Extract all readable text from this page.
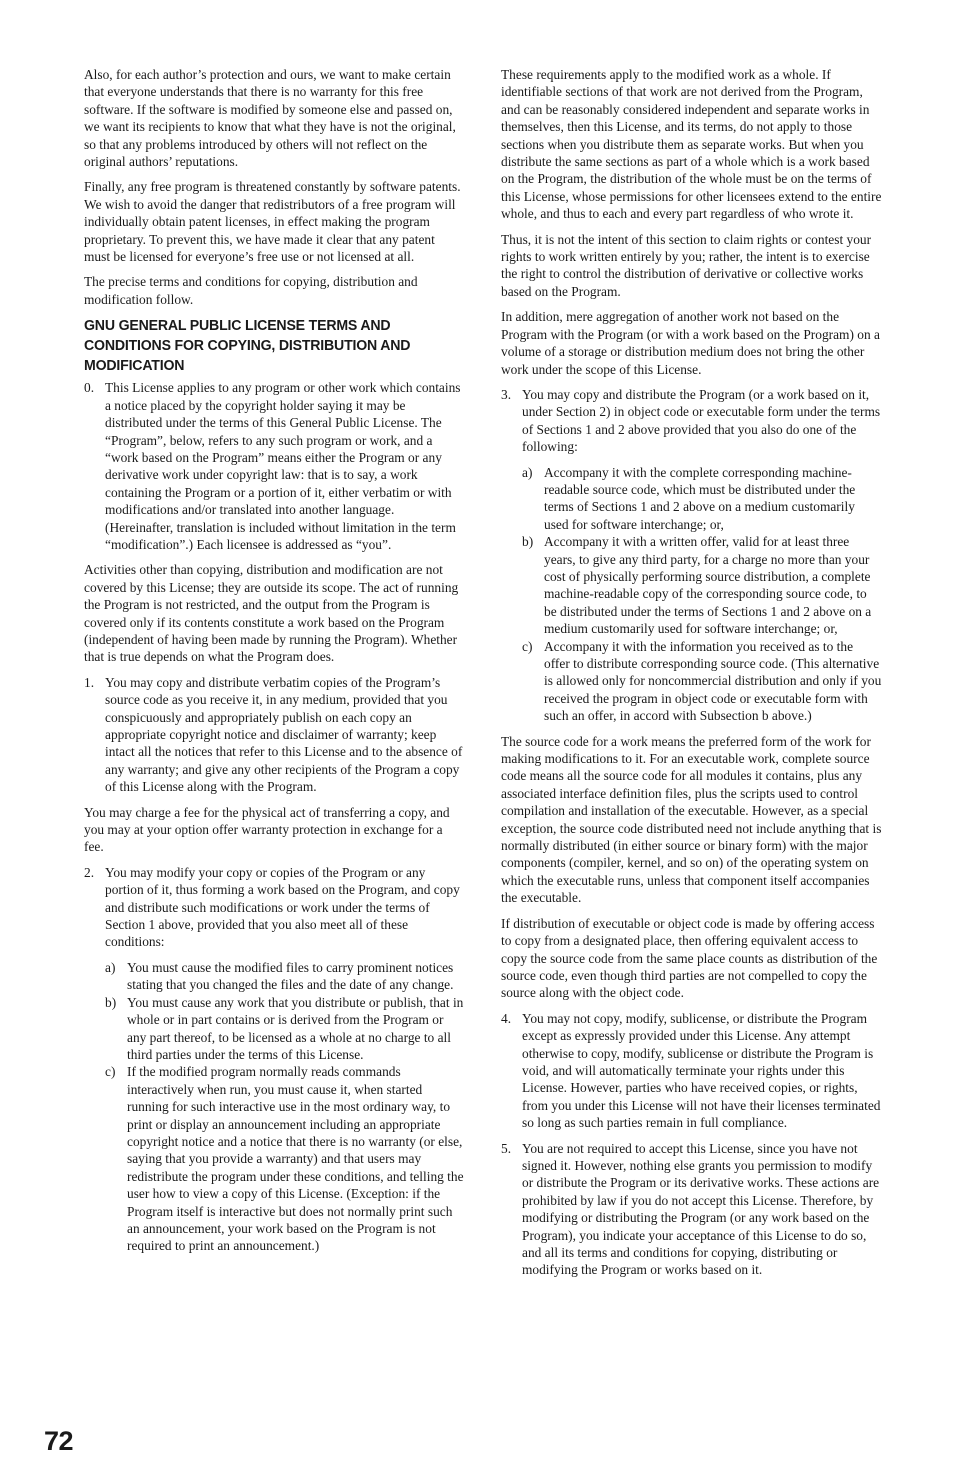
Also, for each author’s protection and ours, we want to make certain that everyone understands that there is no warranty for this free software. If the software is modified by someone else and passed on, we want its recipients to know that what they have is not the original, so that any problems introduced by others will not reflect on the original authors’ reputations.

Finally, any free program is threatened constantly by software patents. We wish to avoid the danger that redistributors of a free program will individually obtain patent licenses, in effect making the program proprietary. To prevent this, we have made it clear that any patent must be licensed for everyone’s free use or not licensed at all.

The precise terms and conditions for copying, distribution and modification follow.

GNU GENERAL PUBLIC LICENSE TERMS AND CONDITIONS FOR COPYING, DISTRIBUTION AND MODIFICATION
0. This License applies to any program or other work which contains a notice placed by the copyright holder saying it may be distributed under the terms of this General Public License. The “Program”, below, refers to any such program or work, and a “work based on the Program” means either the Program or any derivative work under copyright law: that is to say, a work containing the Program or a portion of it, either verbatim or with modifications and/or translated into another language. (Hereinafter, translation is included without limitation in the term “modification”.) Each licensee is addressed as “you”.

Activities other than copying, distribution and modification are not covered by this License; they are outside its scope. The act of running the Program is not restricted, and the output from the Program is covered only if its contents constitute a work based on the Program (independent of having been made by running the Program). Whether that is true depends on what the Program does.

1. You may copy and distribute verbatim copies of the Program’s source code as you receive it, in any medium, provided that you conspicuously and appropriately publish on each copy an appropriate copyright notice and disclaimer of warranty; keep intact all the notices that refer to this License and to the absence of any warranty; and give any other recipients of the Program a copy of this License along with the Program.

You may charge a fee for the physical act of transferring a copy, and you may at your option offer warranty protection in exchange for a fee.

2. You may modify your copy or copies of the Program or any portion of it, thus forming a work based on the Program, and copy and distribute such modifications or work under the terms of Section 1 above, provided that you also meet all of these conditions:
a) You must cause the modified files to carry prominent notices stating that you changed the files and the date of any change.
b) You must cause any work that you distribute or publish, that in whole or in part contains or is derived from the Program or any part thereof, to be licensed as a whole at no charge to all third parties under the terms of this License.
c) If the modified program normally reads commands interactively when run, you must cause it, when started running for such interactive use in the most ordinary way, to print or display an announcement including an appropriate copyright notice and a notice that there is no warranty (or else, saying that you provide a warranty) and that users may redistribute the program under these conditions, and telling the user how to view a copy of this License. (Exception: if the Program itself is interactive but does not normally print such an announcement, your work based on the Program is not required to print an announcement.)

These requirements apply to the modified work as a whole. If identifiable sections of that work are not derived from the Program, and can be reasonably considered independent and separate works in themselves, then this License, and its terms, do not apply to those sections when you distribute them as separate works. But when you distribute the same sections as part of a whole which is a work based on the Program, the distribution of the whole must be on the terms of this License, whose permissions for other licensees extend to the entire whole, and thus to each and every part regardless of who wrote it.

Thus, it is not the intent of this section to claim rights or contest your rights to work written entirely by you; rather, the intent is to exercise the right to control the distribution of derivative or collective works based on the Program.

In addition, mere aggregation of another work not based on the Program with the Program (or with a work based on the Program) on a volume of a storage or distribution medium does not bring the other work under the scope of this License.

3. You may copy and distribute the Program (or a work based on it, under Section 2) in object code or executable form under the terms of Sections 1 and 2 above provided that you also do one of the following:
a) Accompany it with the complete corresponding machine-readable source code, which must be distributed under the terms of Sections 1 and 2 above on a medium customarily used for software interchange; or,
b) Accompany it with a written offer, valid for at least three years, to give any third party, for a charge no more than your cost of physically performing source distribution, a complete machine-readable copy of the corresponding source code, to be distributed under the terms of Sections 1 and 2 above on a medium customarily used for software interchange; or,
c) Accompany it with the information you received as to the offer to distribute corresponding source code. (This alternative is allowed only for noncommercial distribution and only if you received the program in object code or executable form with such an offer, in accord with Subsection b above.)

The source code for a work means the preferred form of the work for making modifications to it. For an executable work, complete source code means all the source code for all modules it contains, plus any associated interface definition files, plus the scripts used to control compilation and installation of the executable. However, as a special exception, the source code distributed need not include anything that is normally distributed (in either source or binary form) with the major components (compiler, kernel, and so on) of the operating system on which the executable runs, unless that component itself accompanies the executable.

If distribution of executable or object code is made by offering access to copy from a designated place, then offering equivalent access to copy the source code from the same place counts as distribution of the source code, even though third parties are not compelled to copy the source along with the object code.

4. You may not copy, modify, sublicense, or distribute the Program except as expressly provided under this License. Any attempt otherwise to copy, modify, sublicense or distribute the Program is void, and will automatically terminate your rights under this License. However, parties who have received copies, or rights, from you under this License will not have their licenses terminated so long as such parties remain in full compliance.
5. You are not required to accept this License, since you have not signed it. However, nothing else grants you permission to modify or distribute the Program or its derivative works. These actions are prohibited by law if you do not accept this License. Therefore, by modifying or distributing the Program (or any work based on the Program), you indicate your acceptance of this License to do so, and all its terms and conditions for copying, distributing or modifying the Program or works based on it.
72
